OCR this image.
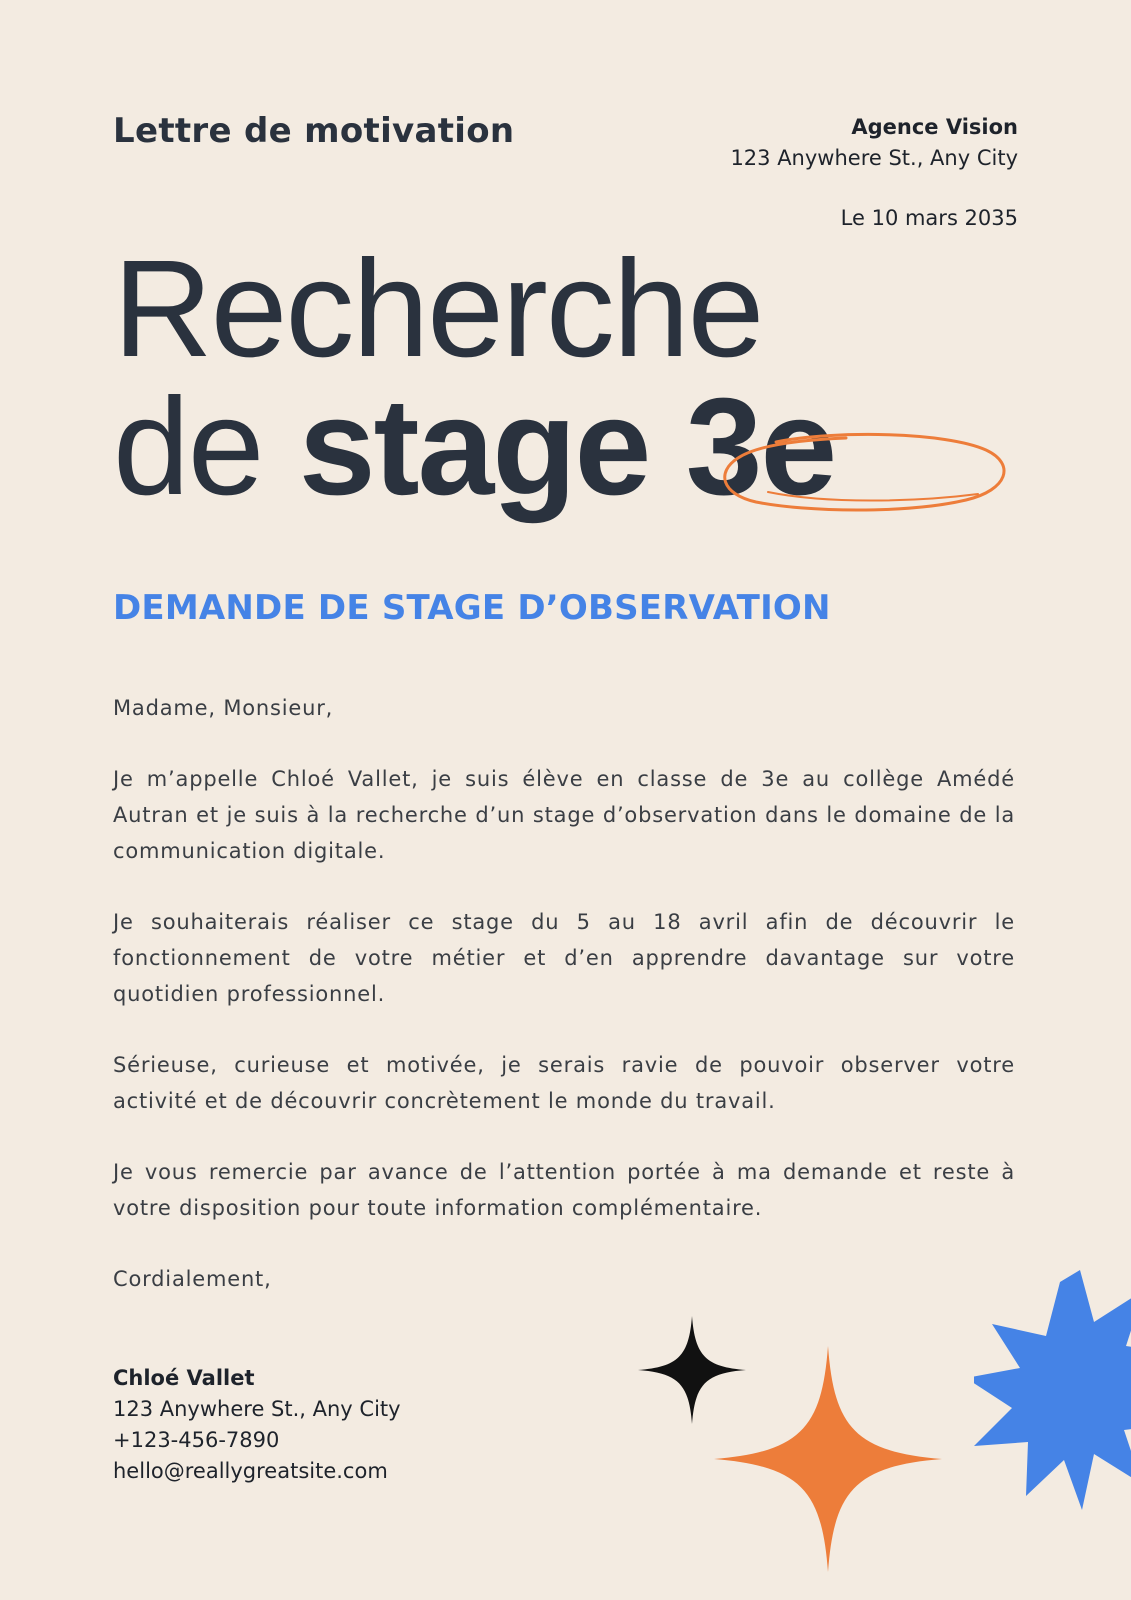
Lettre de motivation	Agence Vision
123 Anywhere St., Any City
Le 10 mars 2035
Recherche
de stage 3e
DEMANDE DE STAGE D’OBSERVATION

Madame, Monsieur,

Je m’appelle Chloé Vallet, je suis élève en classe de 3e au collège Amédé Autran et je suis à la recherche d’un stage d’observation dans le domaine de la communication digitale.

Je souhaiterais réaliser ce stage du 5 au 18 avril afin de découvrir le fonctionnement de votre métier et d’en apprendre davantage sur votre quotidien professionnel.

Sérieuse, curieuse et motivée, je serais ravie de pouvoir observer votre activité et de découvrir concrètement le monde du travail.

Je vous remercie par avance de l’attention portée à ma demande et reste à votre disposition pour toute information complémentaire.

Cordialement,

Chloé Vallet
123 Anywhere St., Any City
+123-456-7890
hello@reallygreatsite.com
